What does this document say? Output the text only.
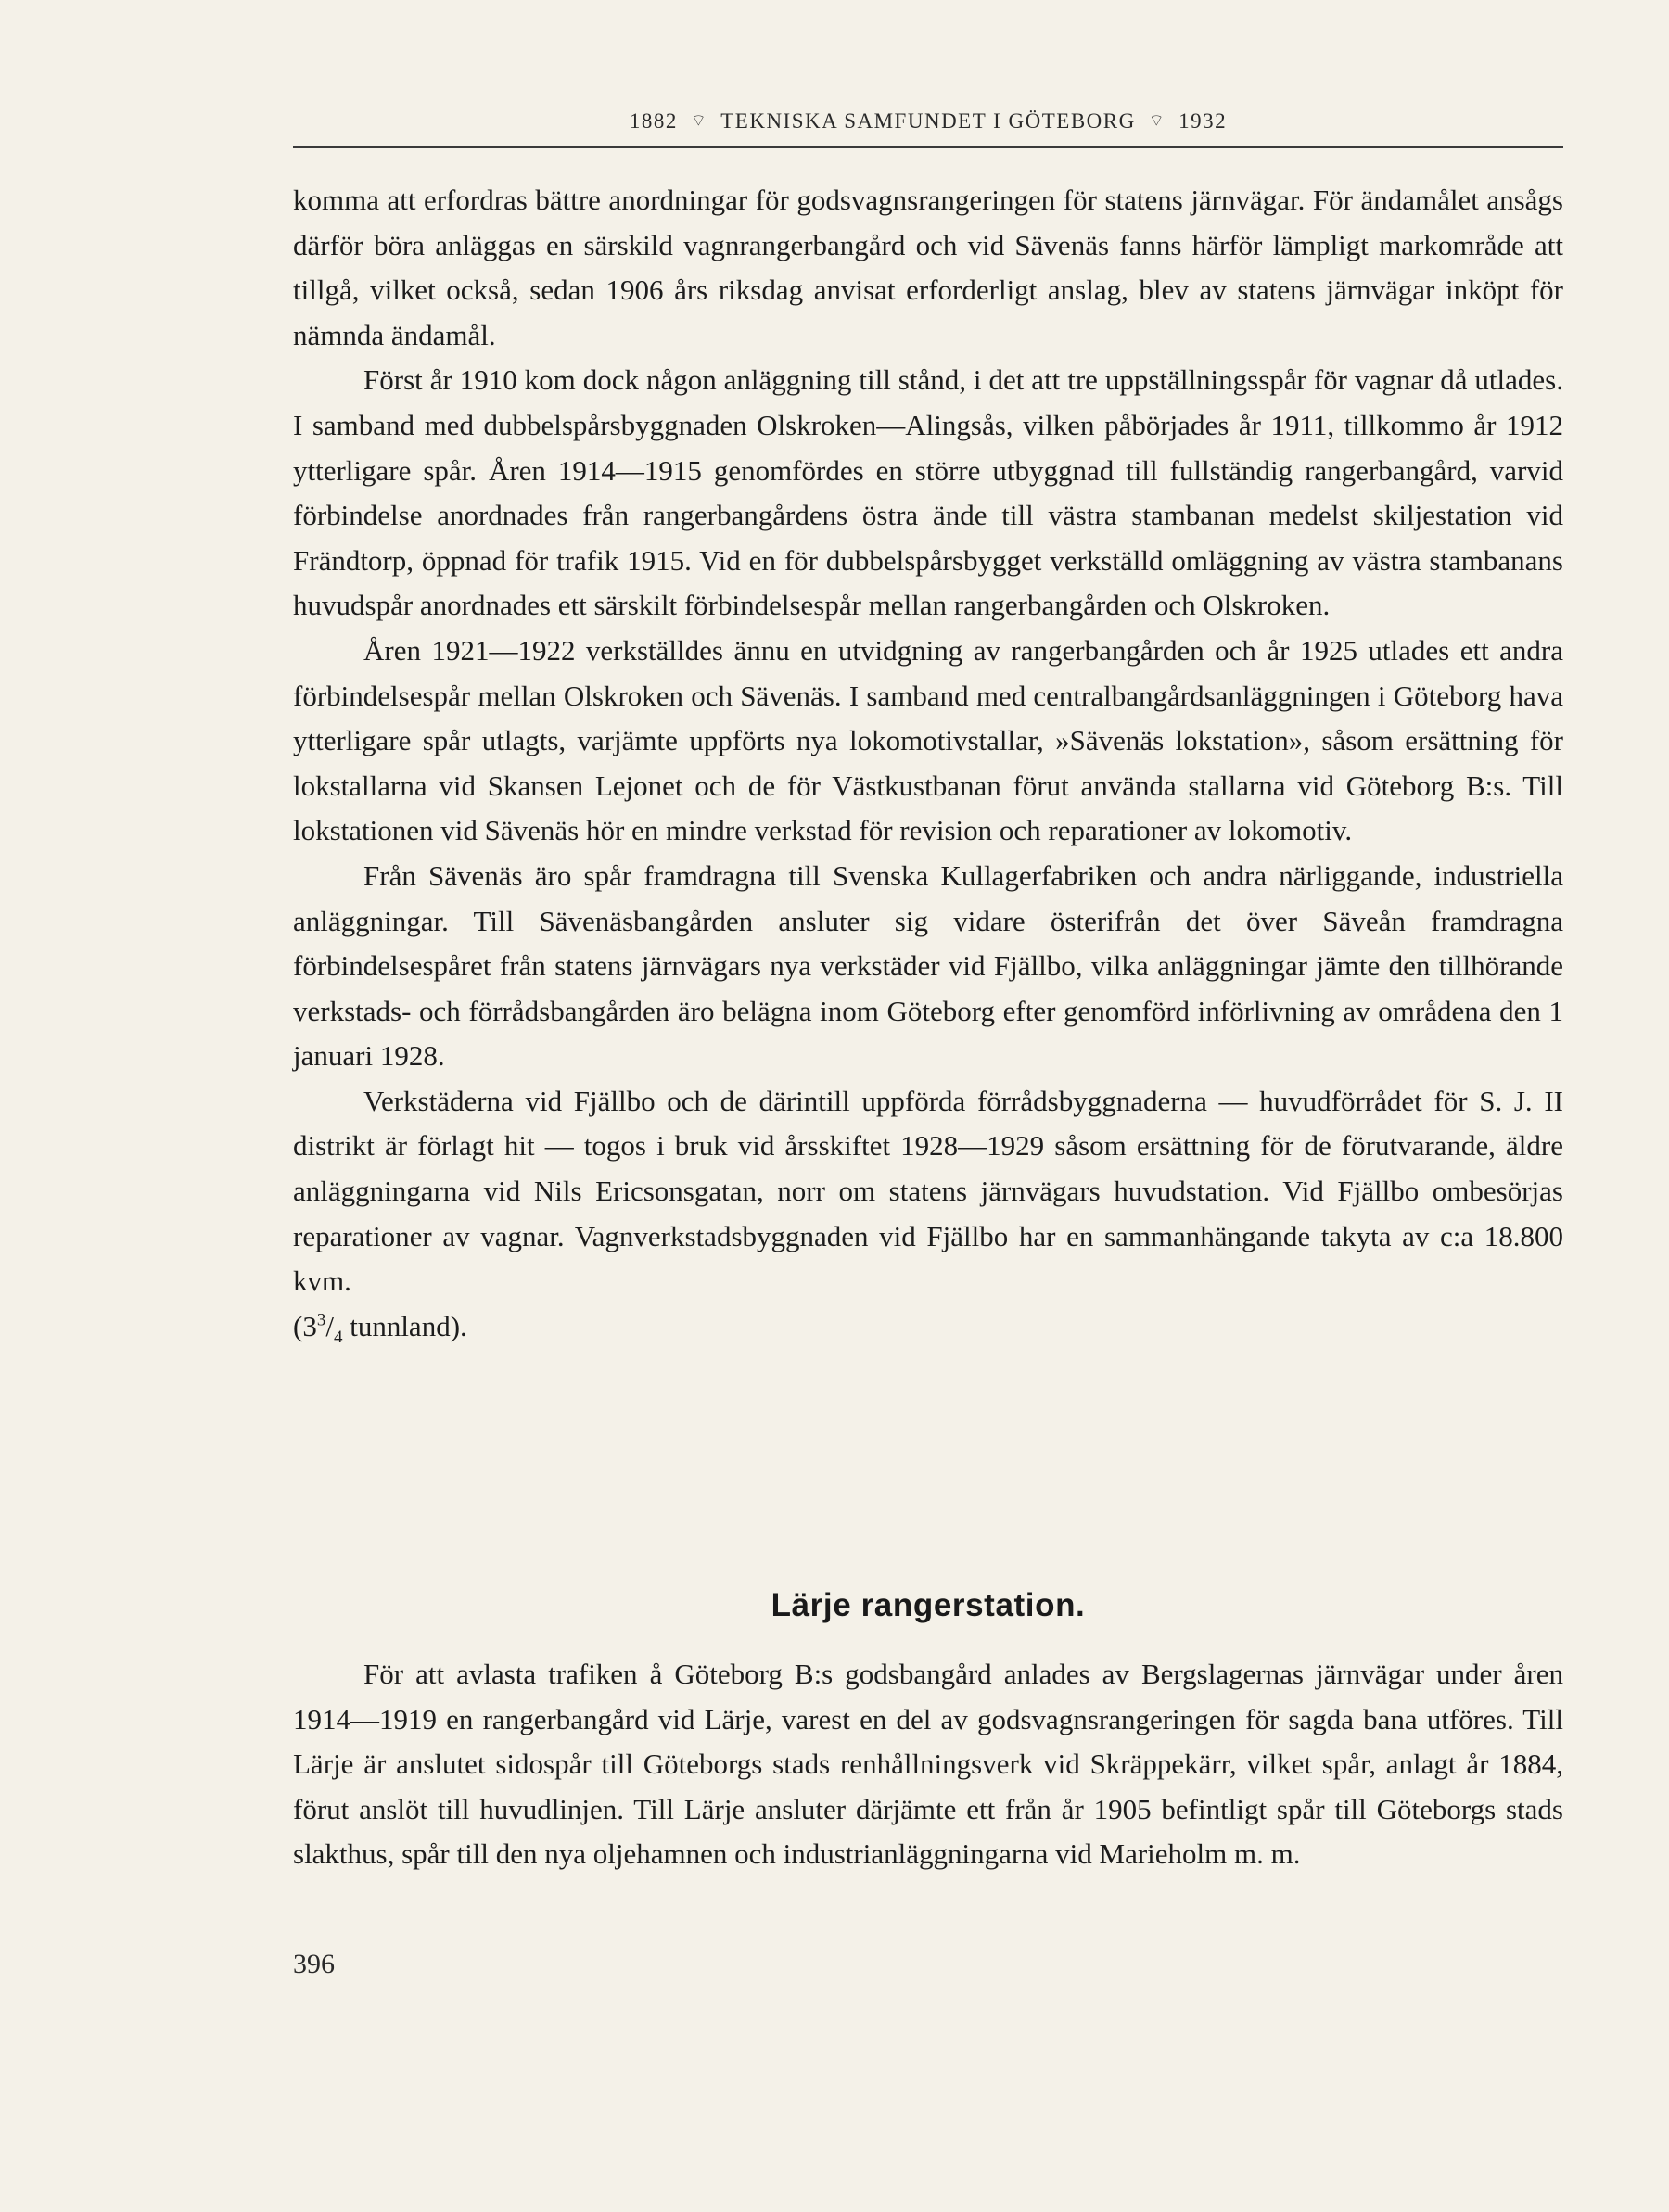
1882 ⌔ TEKNISKA SAMFUNDET I GÖTEBORG ⌔ 1932

komma att erfordras bättre anordningar för godsvagnsrangeringen för statens järnvägar. För ändamålet ansågs därför böra anläggas en särskild vagnrangerbangård och vid Sävenäs fanns härför lämpligt markområde att tillgå, vilket också, sedan 1906 års riksdag anvisat erforderligt anslag, blev av statens järnvägar inköpt för nämnda ändamål.

Först år 1910 kom dock någon anläggning till stånd, i det att tre uppställningsspår för vagnar då utlades. I samband med dubbelspårsbyggnaden Olskroken—Alingsås, vilken påbörjades år 1911, tillkommo år 1912 ytterligare spår. Åren 1914—1915 genomfördes en större utbyggnad till fullständig rangerbangård, varvid förbindelse anordnades från rangerbangårdens östra ände till västra stambanan medelst skiljestation vid Frändtorp, öppnad för trafik 1915. Vid en för dubbelspårsbygget verkställd omläggning av västra stambanans huvudspår anordnades ett särskilt förbindelsespår mellan rangerbangården och Olskroken.

Åren 1921—1922 verkställdes ännu en utvidgning av rangerbangården och år 1925 utlades ett andra förbindelsespår mellan Olskroken och Sävenäs. I samband med centralbangårdsanläggningen i Göteborg hava ytterligare spår utlagts, varjämte uppförts nya lokomotivstallar, »Sävenäs lokstation», såsom ersättning för lokstallarna vid Skansen Lejonet och de för Västkustbanan förut använda stallarna vid Göteborg B:s. Till lokstationen vid Sävenäs hör en mindre verkstad för revision och reparationer av lokomotiv.

Från Sävenäs äro spår framdragna till Svenska Kullagerfabriken och andra närliggande, industriella anläggningar. Till Sävenäsbangården ansluter sig vidare österifrån det över Säveån framdragna förbindelsespåret från statens järnvägars nya verkstäder vid Fjällbo, vilka anläggningar jämte den tillhörande verkstads- och förrådsbangården äro belägna inom Göteborg efter genomförd införlivning av områdena den 1 januari 1928.

Verkstäderna vid Fjällbo och de därintill uppförda förrådsbyggnaderna — huvudförrådet för S. J. II distrikt är förlagt hit — togos i bruk vid årsskiftet 1928—1929 såsom ersättning för de förutvarande, äldre anläggningarna vid Nils Ericsonsgatan, norr om statens järnvägars huvudstation. Vid Fjällbo ombesörjas reparationer av vagnar. Vagnverkstadsbyggnaden vid Fjällbo har en sammanhängande takyta av c:a 18.800 kvm.

($3^3/_4$ tunnland).

Lärje rangerstation.

För att avlasta trafiken å Göteborg B:s godsbangård anlades av Bergslagernas järnvägar under åren 1914—1919 en rangerbangård vid Lärje, varest en del av godsvagnsrangeringen för sagda bana utföres. Till Lärje är anslutet sidospår till Göteborgs stads renhållningsverk vid Skräppekärr, vilket spår, anlagt år 1884, förut anslöt till huvudlinjen. Till Lärje ansluter därjämte ett från år 1905 befintligt spår till Göteborgs stads slakthus, spår till den nya oljehamnen och industrianläggningarna vid Marieholm m. m.

396
